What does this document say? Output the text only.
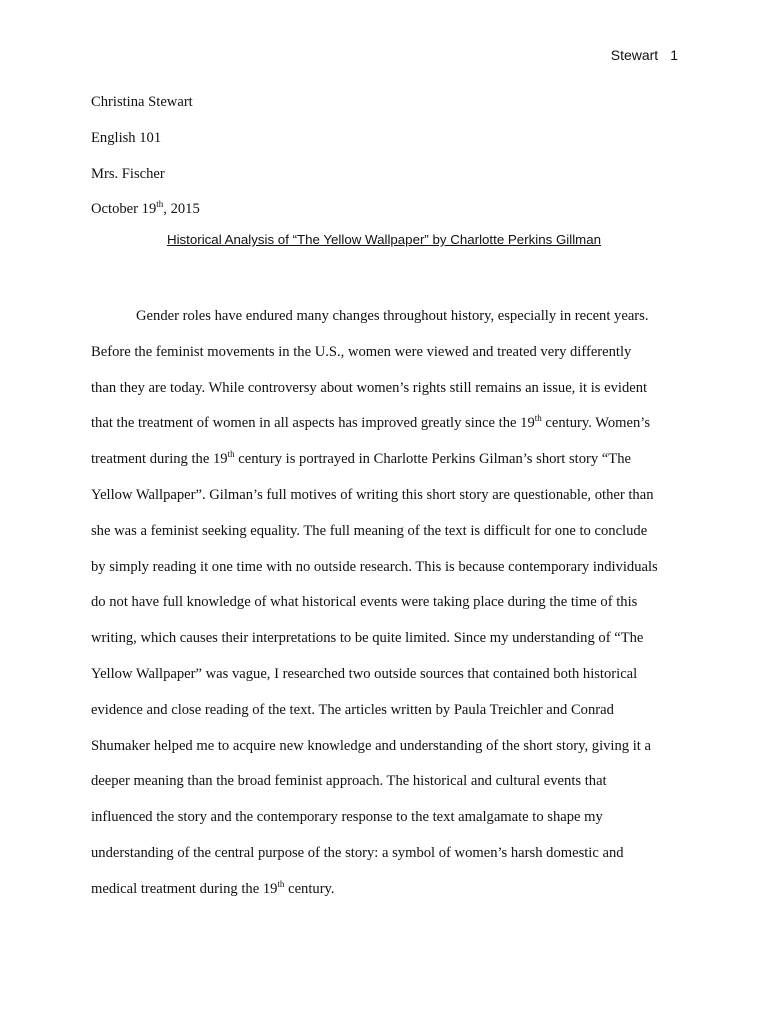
Stewart 1
Christina Stewart
English 101
Mrs. Fischer
October 19th, 2015
Historical Analysis of “The Yellow Wallpaper” by Charlotte Perkins Gillman
Gender roles have endured many changes throughout history, especially in recent years.
Before the feminist movements in the U.S., women were viewed and treated very differently
than they are today. While controversy about women’s rights still remains an issue, it is evident
that the treatment of women in all aspects has improved greatly since the 19th century. Women’s
treatment during the 19th century is portrayed in Charlotte Perkins Gilman’s short story “The
Yellow Wallpaper”. Gilman’s full motives of writing this short story are questionable, other than
she was a feminist seeking equality. The full meaning of the text is difficult for one to conclude
by simply reading it one time with no outside research. This is because contemporary individuals
do not have full knowledge of what historical events were taking place during the time of this
writing, which causes their interpretations to be quite limited. Since my understanding of “The
Yellow Wallpaper” was vague, I researched two outside sources that contained both historical
evidence and close reading of the text. The articles written by Paula Treichler and Conrad
Shumaker helped me to acquire new knowledge and understanding of the short story, giving it a
deeper meaning than the broad feminist approach. The historical and cultural events that
influenced the story and the contemporary response to the text amalgamate to shape my
understanding of the central purpose of the story: a symbol of women’s harsh domestic and
medical treatment during the 19th century.
